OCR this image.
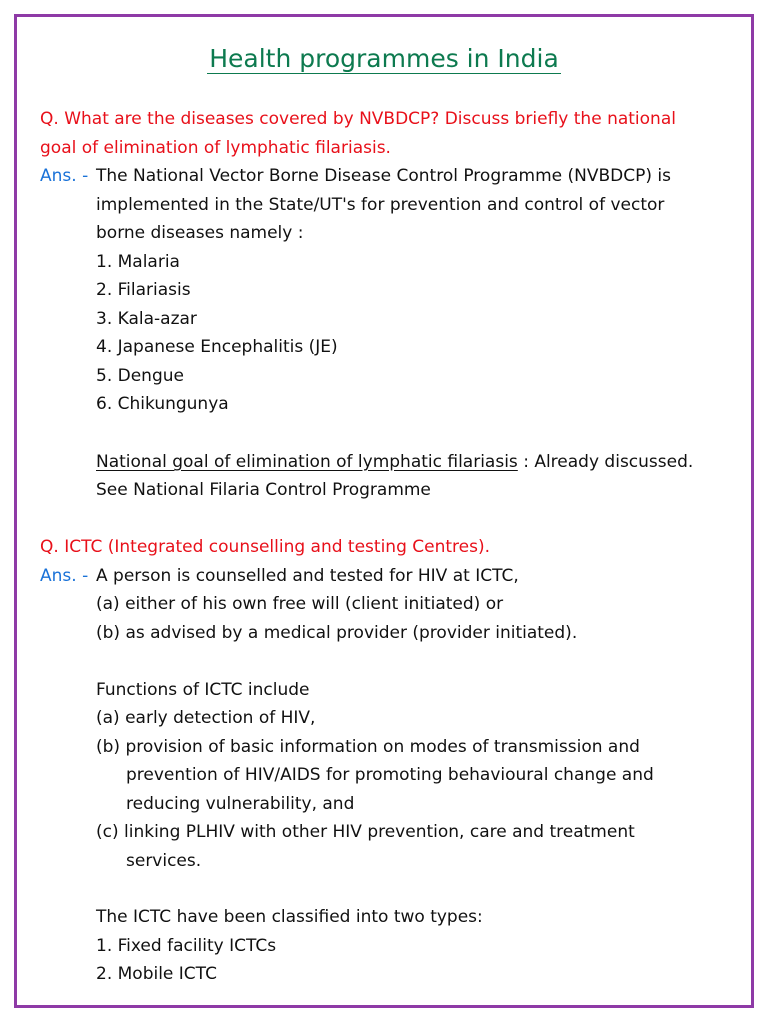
Health programmes in India
Q. What are the diseases covered by NVBDCP? Discuss briefly the national
goal of elimination of lymphatic filariasis.
Ans. - The National Vector Borne Disease Control Programme (NVBDCP) is
implemented in the State/UT's for prevention and control of vector
borne diseases namely :
1. Malaria
2. Filariasis
3. Kala-azar
4. Japanese Encephalitis (JE)
5. Dengue
6. Chikungunya
National goal of elimination of lymphatic filariasis : Already discussed.
See National Filaria Control Programme
Q. ICTC (Integrated counselling and testing Centres).
Ans. - A person is counselled and tested for HIV at ICTC,
(a) either of his own free will (client initiated) or
(b) as advised by a medical provider (provider initiated).
Functions of ICTC include
(a) early detection of HIV,
(b) provision of basic information on modes of transmission and
prevention of HIV/AIDS for promoting behavioural change and
reducing vulnerability, and
(c) linking PLHIV with other HIV prevention, care and treatment
services.
The ICTC have been classified into two types:
1. Fixed facility ICTCs
2. Mobile ICTC
